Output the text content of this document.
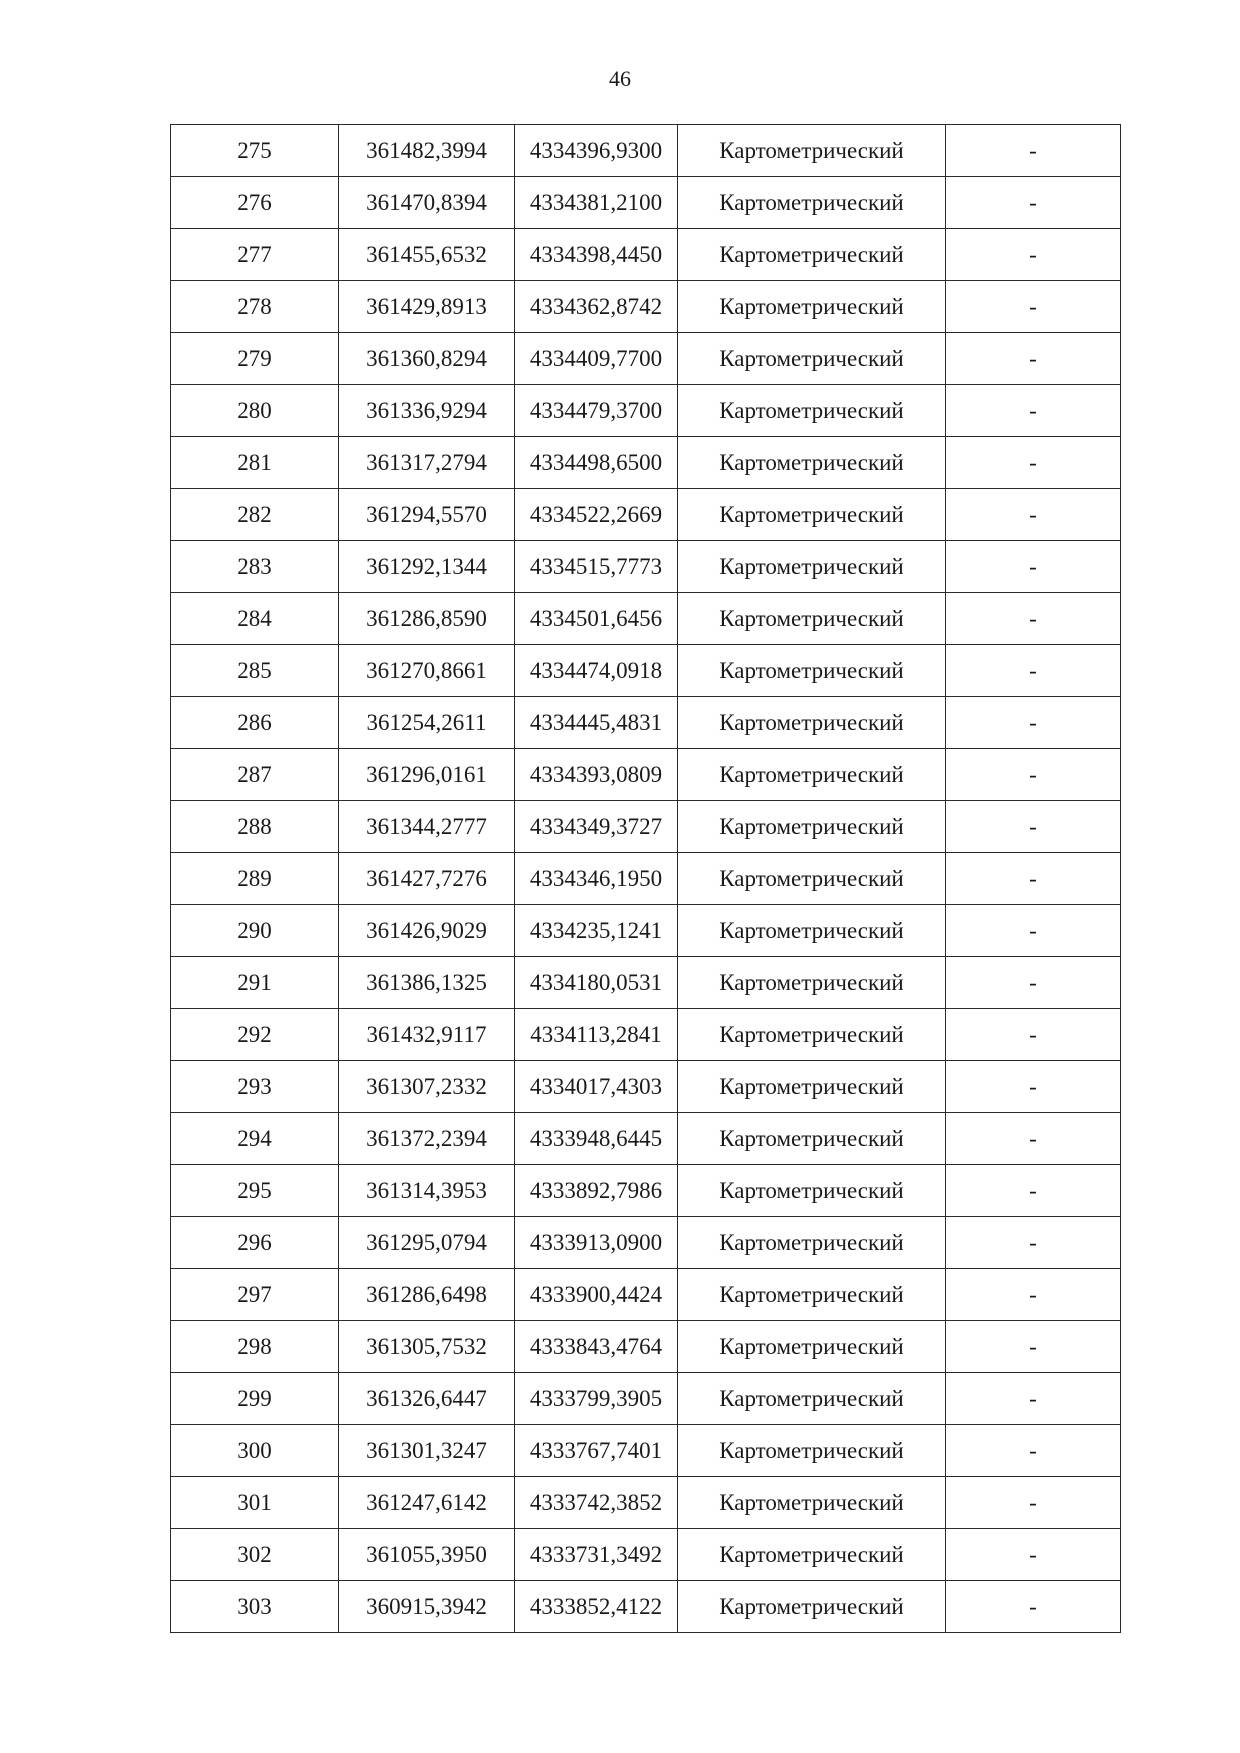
46
275	361482,3994	4334396,9300	Картометрический	-
276	361470,8394	4334381,2100	Картометрический	-
277	361455,6532	4334398,4450	Картометрический	-
278	361429,8913	4334362,8742	Картометрический	-
279	361360,8294	4334409,7700	Картометрический	-
280	361336,9294	4334479,3700	Картометрический	-
281	361317,2794	4334498,6500	Картометрический	-
282	361294,5570	4334522,2669	Картометрический	-
283	361292,1344	4334515,7773	Картометрический	-
284	361286,8590	4334501,6456	Картометрический	-
285	361270,8661	4334474,0918	Картометрический	-
286	361254,2611	4334445,4831	Картометрический	-
287	361296,0161	4334393,0809	Картометрический	-
288	361344,2777	4334349,3727	Картометрический	-
289	361427,7276	4334346,1950	Картометрический	-
290	361426,9029	4334235,1241	Картометрический	-
291	361386,1325	4334180,0531	Картометрический	-
292	361432,9117	4334113,2841	Картометрический	-
293	361307,2332	4334017,4303	Картометрический	-
294	361372,2394	4333948,6445	Картометрический	-
295	361314,3953	4333892,7986	Картометрический	-
296	361295,0794	4333913,0900	Картометрический	-
297	361286,6498	4333900,4424	Картометрический	-
298	361305,7532	4333843,4764	Картометрический	-
299	361326,6447	4333799,3905	Картометрический	-
300	361301,3247	4333767,7401	Картометрический	-
301	361247,6142	4333742,3852	Картометрический	-
302	361055,3950	4333731,3492	Картометрический	-
303	360915,3942	4333852,4122	Картометрический	-
